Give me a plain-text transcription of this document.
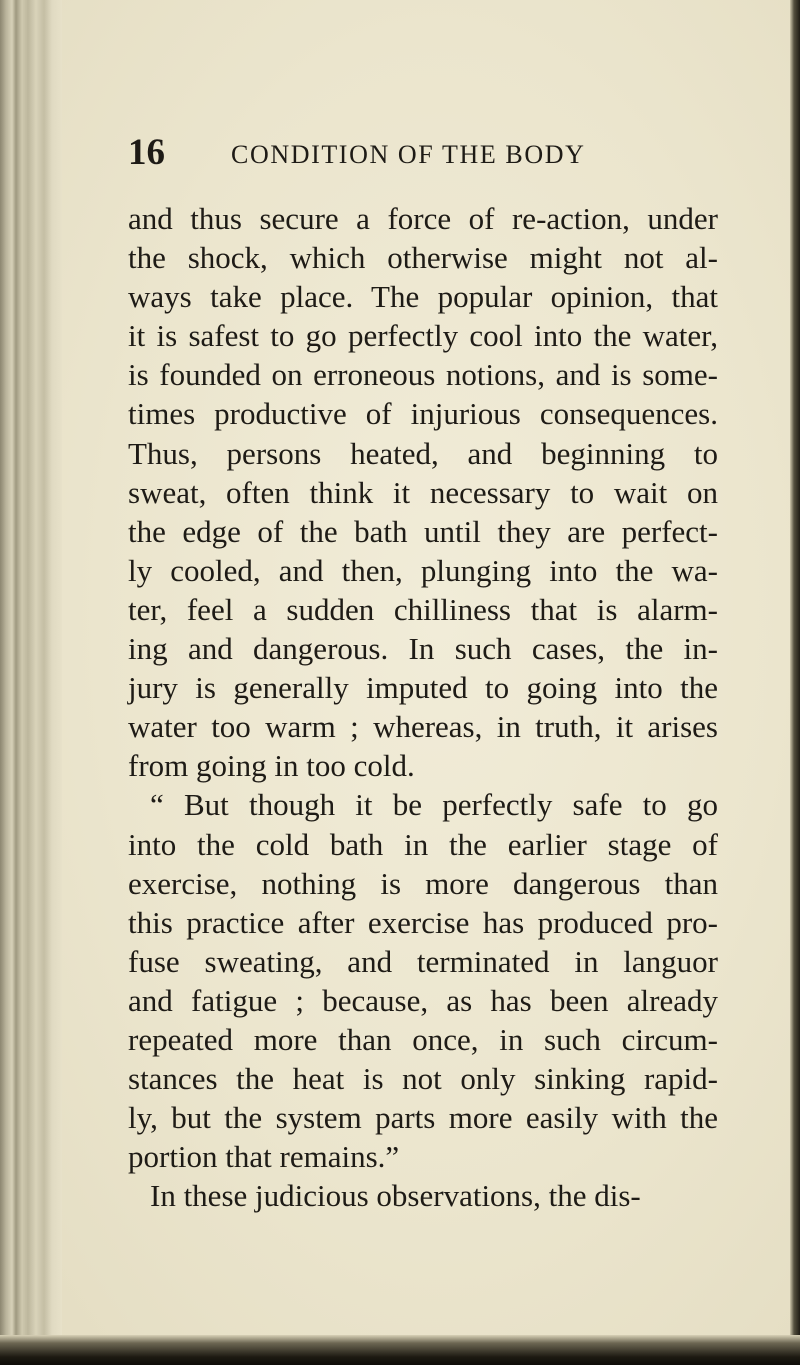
16	CONDITION OF THE BODY
and thus secure a force of re-action, under
the shock, which otherwise might not al-
ways take place. The popular opinion, that
it is safest to go perfectly cool into the water,
is founded on erroneous notions, and is some-
times productive of injurious consequences.
Thus, persons heated, and beginning to
sweat, often think it necessary to wait on
the edge of the bath until they are perfect-
ly cooled, and then, plunging into the wa-
ter, feel a sudden chilliness that is alarm-
ing and dangerous. In such cases, the in-
jury is generally imputed to going into the
water too warm ; whereas, in truth, it arises
from going in too cold.
“ But though it be perfectly safe to go
into the cold bath in the earlier stage of
exercise, nothing is more dangerous than
this practice after exercise has produced pro-
fuse sweating, and terminated in languor
and fatigue ; because, as has been already
repeated more than once, in such circum-
stances the heat is not only sinking rapid-
ly, but the system parts more easily with the
portion that remains.”
In these judicious observations, the dis-
